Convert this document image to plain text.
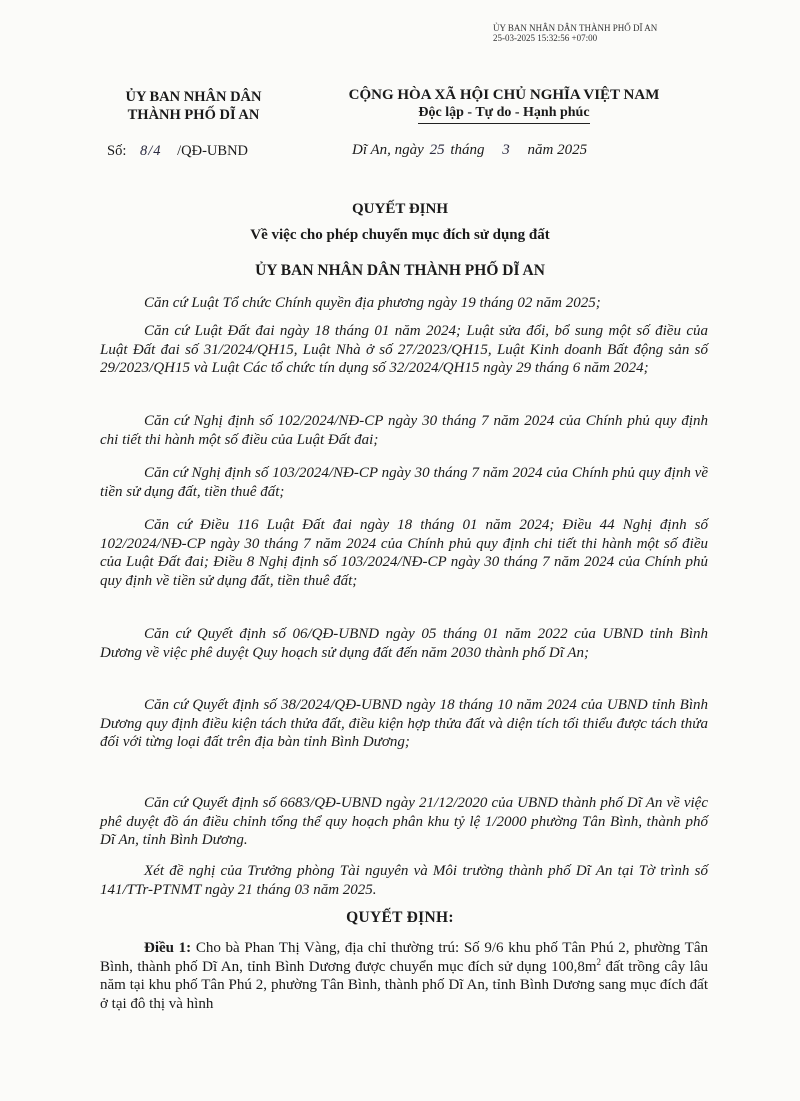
ỦY BAN NHÂN DÂN THÀNH PHỐ DĨ AN
25-03-2025 15:32:56 +07:00
ỦY BAN NHÂN DÂN
THÀNH PHỐ DĨ AN
CỘNG HÒA XÃ HỘI CHỦ NGHĨA VIỆT NAM
Độc lập - Tự do - Hạnh phúc
Số: 8/4 /QĐ-UBND	Dĩ An, ngày 25 tháng 3 năm 2025
QUYẾT ĐỊNH
Về việc cho phép chuyển mục đích sử dụng đất
ỦY BAN NHÂN DÂN THÀNH PHỐ DĨ AN
Căn cứ Luật Tổ chức Chính quyền địa phương ngày 19 tháng 02 năm 2025;
Căn cứ Luật Đất đai ngày 18 tháng 01 năm 2024; Luật sửa đổi, bổ sung một số điều của Luật Đất đai số 31/2024/QH15, Luật Nhà ở số 27/2023/QH15, Luật Kinh doanh Bất động sản số 29/2023/QH15 và Luật Các tổ chức tín dụng số 32/2024/QH15 ngày 29 tháng 6 năm 2024;
Căn cứ Nghị định số 102/2024/NĐ-CP ngày 30 tháng 7 năm 2024 của Chính phủ quy định chi tiết thi hành một số điều của Luật Đất đai;
Căn cứ Nghị định số 103/2024/NĐ-CP ngày 30 tháng 7 năm 2024 của Chính phủ quy định về tiền sử dụng đất, tiền thuê đất;
Căn cứ Điều 116 Luật Đất đai ngày 18 tháng 01 năm 2024; Điều 44 Nghị định số 102/2024/NĐ-CP ngày 30 tháng 7 năm 2024 của Chính phủ quy định chi tiết thi hành một số điều của Luật Đất đai; Điều 8 Nghị định số 103/2024/NĐ-CP ngày 30 tháng 7 năm 2024 của Chính phủ quy định về tiền sử dụng đất, tiền thuê đất;
Căn cứ Quyết định số 06/QĐ-UBND ngày 05 tháng 01 năm 2022 của UBND tỉnh Bình Dương về việc phê duyệt Quy hoạch sử dụng đất đến năm 2030 thành phố Dĩ An;
Căn cứ Quyết định số 38/2024/QĐ-UBND ngày 18 tháng 10 năm 2024 của UBND tỉnh Bình Dương quy định điều kiện tách thửa đất, điều kiện hợp thửa đất và diện tích tối thiểu được tách thửa đối với từng loại đất trên địa bàn tỉnh Bình Dương;
Căn cứ Quyết định số 6683/QĐ-UBND ngày 21/12/2020 của UBND thành phố Dĩ An về việc phê duyệt đồ án điều chỉnh tổng thể quy hoạch phân khu tỷ lệ 1/2000 phường Tân Bình, thành phố Dĩ An, tỉnh Bình Dương.
Xét đề nghị của Trưởng phòng Tài nguyên và Môi trường thành phố Dĩ An tại Tờ trình số 141/TTr-PTNMT ngày 21 tháng 03 năm 2025.
QUYẾT ĐỊNH:
Điều 1: Cho bà Phan Thị Vàng, địa chỉ thường trú: Số 9/6 khu phố Tân Phú 2, phường Tân Bình, thành phố Dĩ An, tỉnh Bình Dương được chuyển mục đích sử dụng $100,8m^2$ đất trồng cây lâu năm tại khu phố Tân Phú 2, phường Tân Bình, thành phố Dĩ An, tỉnh Bình Dương sang mục đích đất ở tại đô thị và hình
